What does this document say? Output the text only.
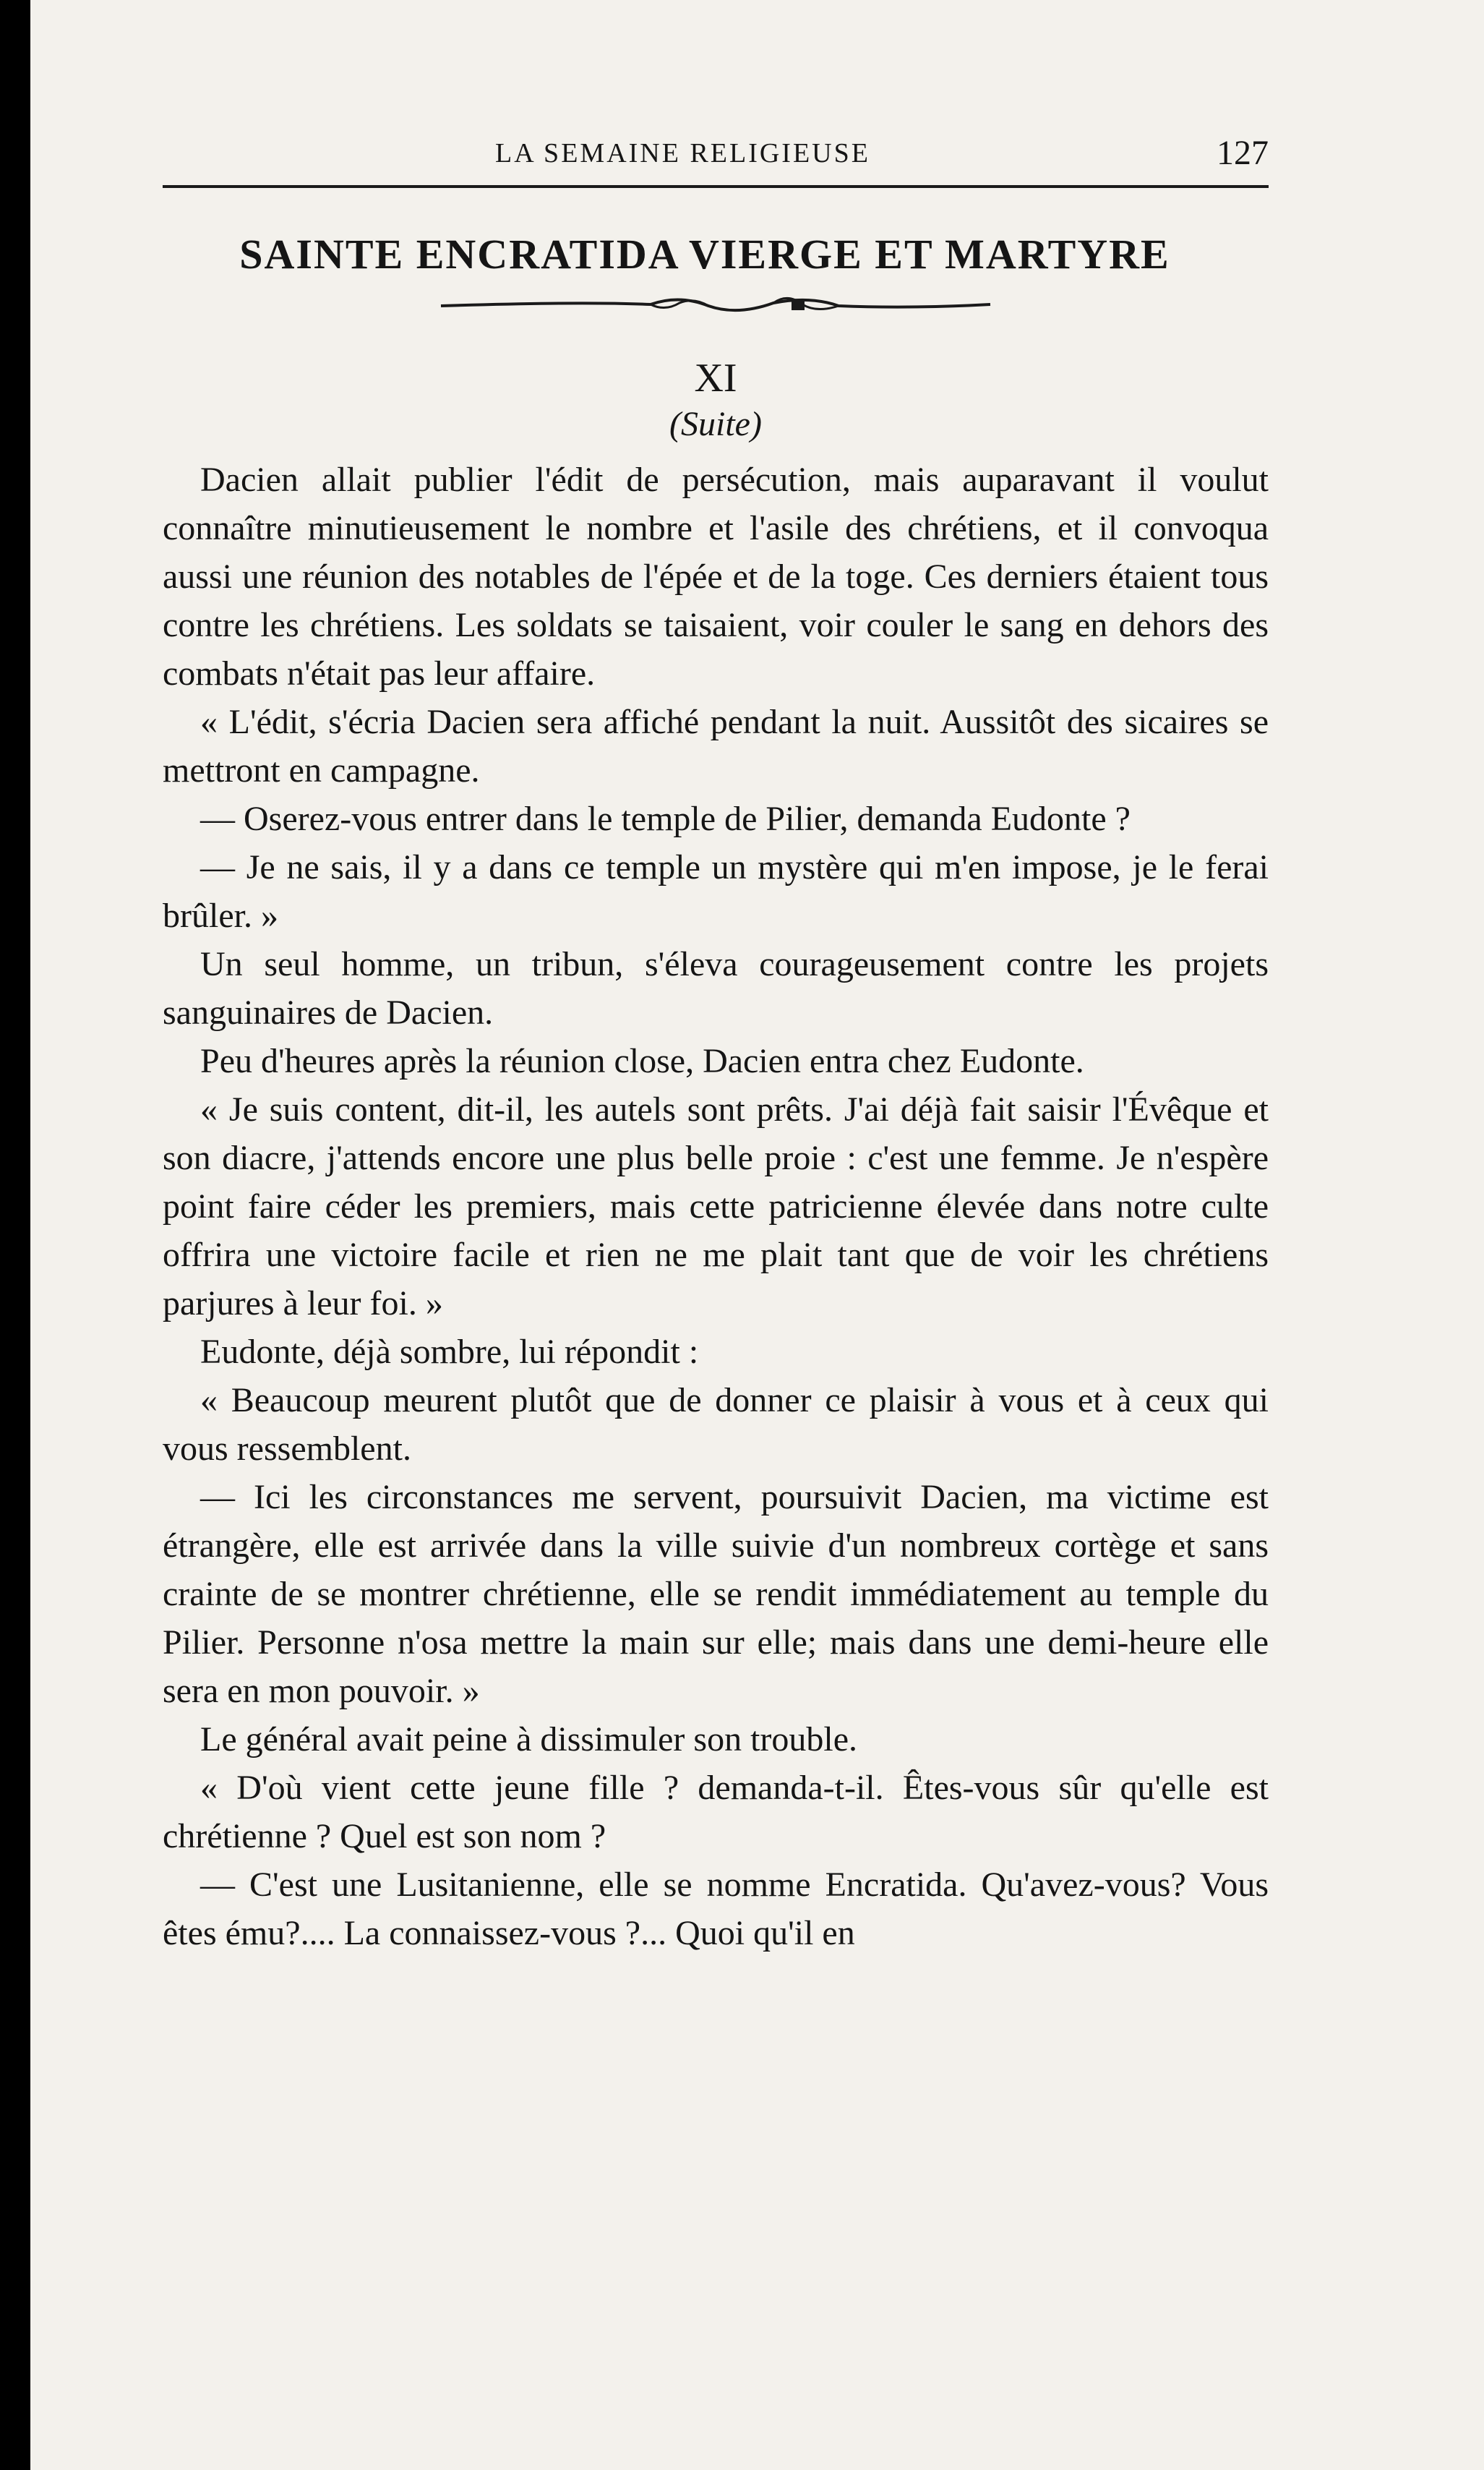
LA SEMAINE RELIGIEUSE	127
SAINTE ENCRATIDA VIERGE ET MARTYRE
XI
(Suite)

Dacien allait publier l'édit de persécution, mais auparavant il voulut connaître minutieusement le nombre et l'asile des chrétiens, et il convoqua aussi une réunion des notables de l'épée et de la toge. Ces derniers étaient tous contre les chrétiens. Les soldats se taisaient, voir couler le sang en dehors des combats n'était pas leur affaire.

« L'édit, s'écria Dacien sera affiché pendant la nuit. Aussitôt des sicaires se mettront en campagne.

— Oserez-vous entrer dans le temple de Pilier, demanda Eudonte ?

— Je ne sais, il y a dans ce temple un mystère qui m'en impose, je le ferai brûler. »

Un seul homme, un tribun, s'éleva courageusement contre les projets sanguinaires de Dacien.

Peu d'heures après la réunion close, Dacien entra chez Eudonte.

« Je suis content, dit-il, les autels sont prêts. J'ai déjà fait saisir l'Évêque et son diacre, j'attends encore une plus belle proie : c'est une femme. Je n'espère point faire céder les premiers, mais cette patricienne élevée dans notre culte offrira une victoire facile et rien ne me plait tant que de voir les chrétiens parjures à leur foi. »

Eudonte, déjà sombre, lui répondit :

« Beaucoup meurent plutôt que de donner ce plaisir à vous et à ceux qui vous ressemblent.

— Ici les circonstances me servent, poursuivit Dacien, ma victime est étrangère, elle est arrivée dans la ville suivie d'un nombreux cortège et sans crainte de se montrer chrétienne, elle se rendit immédiatement au temple du Pilier. Personne n'osa mettre la main sur elle; mais dans une demi-heure elle sera en mon pouvoir. »

Le général avait peine à dissimuler son trouble.

« D'où vient cette jeune fille ? demanda-t-il. Êtes-vous sûr qu'elle est chrétienne ? Quel est son nom ?

— C'est une Lusitanienne, elle se nomme Encratida. Qu'avez-vous? Vous êtes ému?.... La connaissez-vous ?... Quoi qu'il en
